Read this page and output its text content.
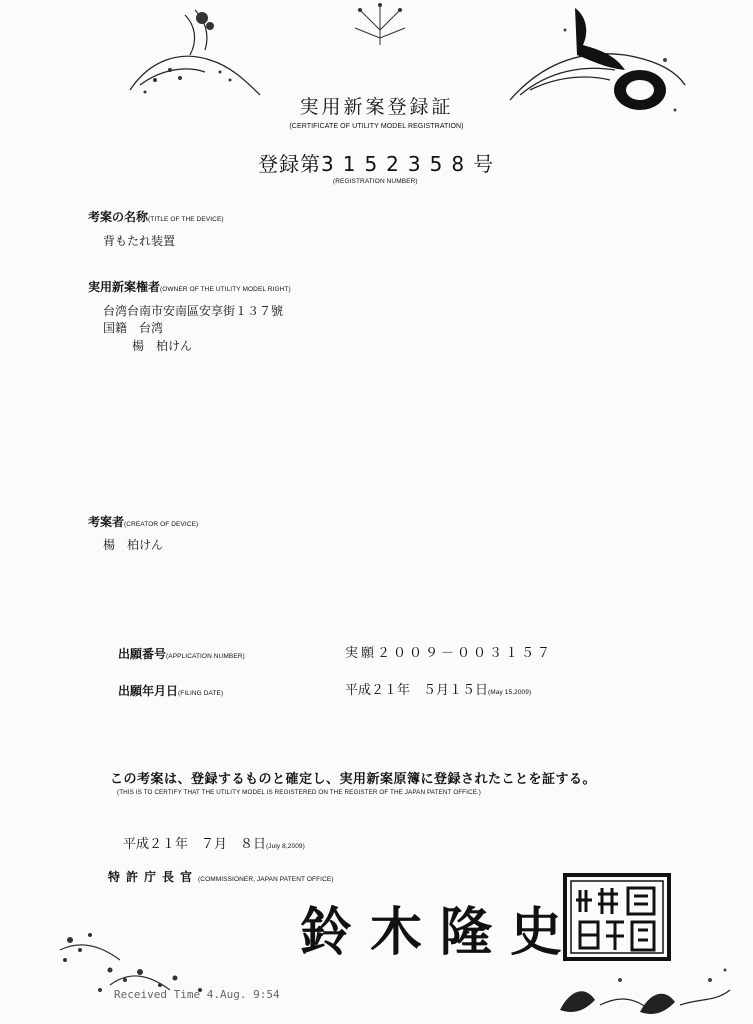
実用新案登録証
(CERTIFICATE OF UTILITY MODEL REGISTRATION)
登録第3152358号
(REGISTRATION NUMBER)
考案の名称(TITLE OF THE DEVICE)
背もたれ装置
実用新案権者(OWNER OF THE UTILITY MODEL RIGHT)
台湾台南市安南區安享街１３７號
国籍　台湾
楊　柏けん
考案者(CREATOR OF DEVICE)
楊　柏けん
出願番号(APPLICATION NUMBER)	実願２００９－００３１５７
出願年月日(FILING DATE)	平成２１年　５月１５日(May 15,2009)
この考案は、登録するものと確定し、実用新案原簿に登録されたことを証する。
(THIS IS TO CERTIFY THAT THE UTILITY MODEL IS REGISTERED ON THE REGISTER OF THE JAPAN PATENT OFFICE.)
平成２１年　７月　８日(July 8,2009)
特許庁長官(COMMISSIONER, JAPAN PATENT OFFICE)
鈴木隆史
Received Time 4.Aug. 9:54
